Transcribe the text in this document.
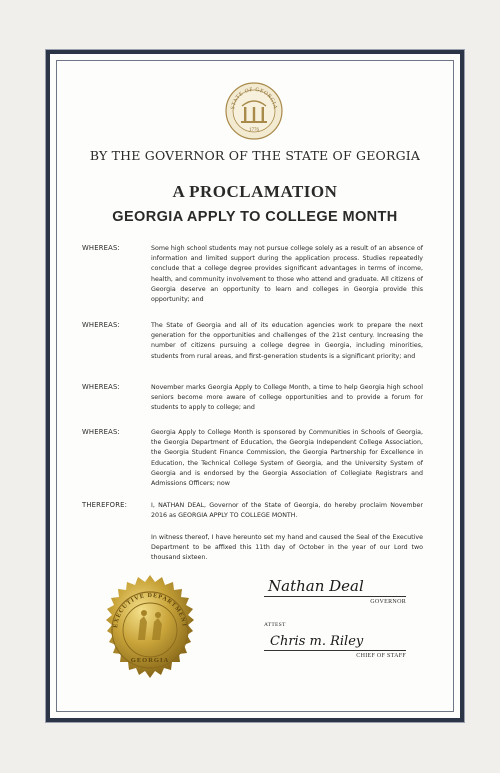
STATE OF GEORGIA
1776
BY THE GOVERNOR OF THE STATE OF GEORGIA
A PROCLAMATION
GEORGIA APPLY TO COLLEGE MONTH
WHEREAS:	Some high school students may not pursue college solely as a result of an absence of information and limited support during the application process. Studies repeatedly conclude that a college degree provides significant advantages in terms of income, health, and community involvement to those who attend and graduate. All citizens of Georgia deserve an opportunity to learn and colleges in Georgia provide this opportunity; and
WHEREAS:	The State of Georgia and all of its education agencies work to prepare the next generation for the opportunities and challenges of the 21st century. Increasing the number of citizens pursuing a college degree in Georgia, including minorities, students from rural areas, and first-generation students is a significant priority; and
WHEREAS:	November marks Georgia Apply to College Month, a time to help Georgia high school seniors become more aware of college opportunities and to provide a forum for students to apply to college; and
WHEREAS:	Georgia Apply to College Month is sponsored by Communities in Schools of Georgia, the Georgia Department of Education, the Georgia Independent College Association, the Georgia Student Finance Commission, the Georgia Partnership for Excellence in Education, the Technical College System of Georgia, and the University System of Georgia and is endorsed by the Georgia Association of Collegiate Registrars and Admissions Officers; now
THEREFORE:	I, NATHAN DEAL, Governor of the State of Georgia, do hereby proclaim November 2016 as GEORGIA APPLY TO COLLEGE MONTH.
In witness thereof, I have hereunto set my hand and caused the Seal of the Executive Department to be affixed this 11th day of October in the year of our Lord two thousand sixteen.
Nathan Deal
GOVERNOR
ATTEST
Chris m. Riley
CHIEF OF STAFF
EXECUTIVE DEPARTMENT
GEORGIA
